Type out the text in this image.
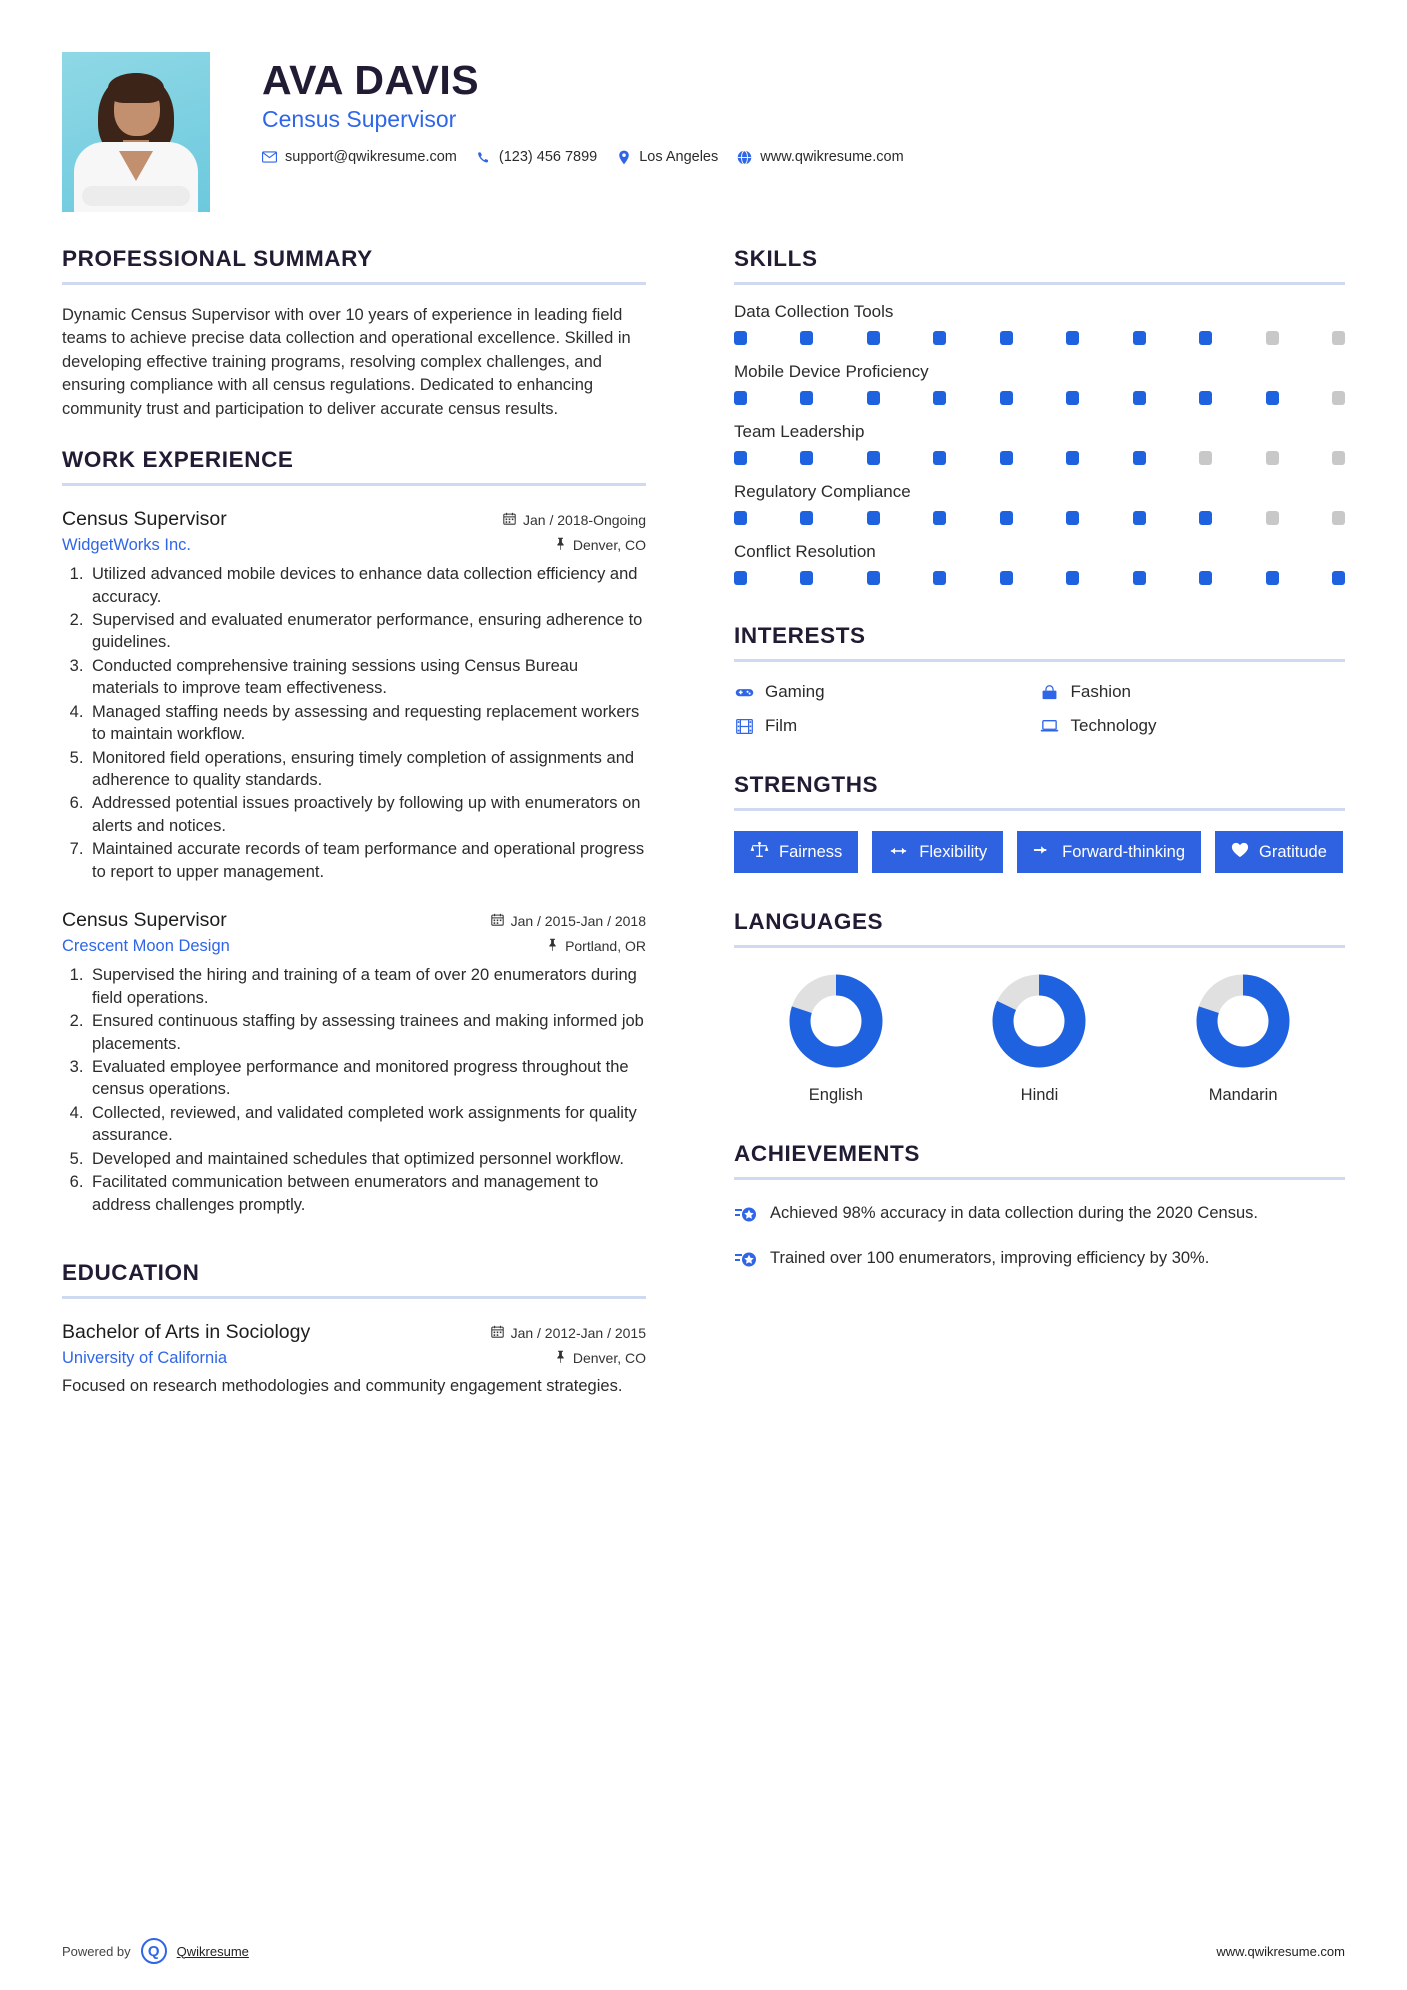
AVA DAVIS
Census Supervisor
support@qwikresume.com	(123) 456 7899	Los Angeles	www.qwikresume.com
PROFESSIONAL SUMMARY
Dynamic Census Supervisor with over 10 years of experience in leading field teams to achieve precise data collection and operational excellence. Skilled in developing effective training programs, resolving complex challenges, and ensuring compliance with all census regulations. Dedicated to enhancing community trust and participation to deliver accurate census results.
WORK EXPERIENCE
Census Supervisor	Jan / 2018-Ongoing
WidgetWorks Inc.	Denver, CO
1. Utilized advanced mobile devices to enhance data collection efficiency and accuracy.
2. Supervised and evaluated enumerator performance, ensuring adherence to guidelines.
3. Conducted comprehensive training sessions using Census Bureau materials to improve team effectiveness.
4. Managed staffing needs by assessing and requesting replacement workers to maintain workflow.
5. Monitored field operations, ensuring timely completion of assignments and adherence to quality standards.
6. Addressed potential issues proactively by following up with enumerators on alerts and notices.
7. Maintained accurate records of team performance and operational progress to report to upper management.
Census Supervisor	Jan / 2015-Jan / 2018
Crescent Moon Design	Portland, OR
1. Supervised the hiring and training of a team of over 20 enumerators during field operations.
2. Ensured continuous staffing by assessing trainees and making informed job placements.
3. Evaluated employee performance and monitored progress throughout the census operations.
4. Collected, reviewed, and validated completed work assignments for quality assurance.
5. Developed and maintained schedules that optimized personnel workflow.
6. Facilitated communication between enumerators and management to address challenges promptly.
EDUCATION
Bachelor of Arts in Sociology	Jan / 2012-Jan / 2015
University of California	Denver, CO
Focused on research methodologies and community engagement strategies.
SKILLS
Data Collection Tools
Mobile Device Proficiency
Team Leadership
Regulatory Compliance
Conflict Resolution
INTERESTS
Gaming	Fashion
Film	Technology
STRENGTHS
Fairness	Flexibility	Forward-thinking	Gratitude
LANGUAGES
English	Hindi	Mandarin
ACHIEVEMENTS
Achieved 98% accuracy in data collection during the 2020 Census.
Trained over 100 enumerators, improving efficiency by 30%.
Powered by	Q	Qwikresume	www.qwikresume.com
